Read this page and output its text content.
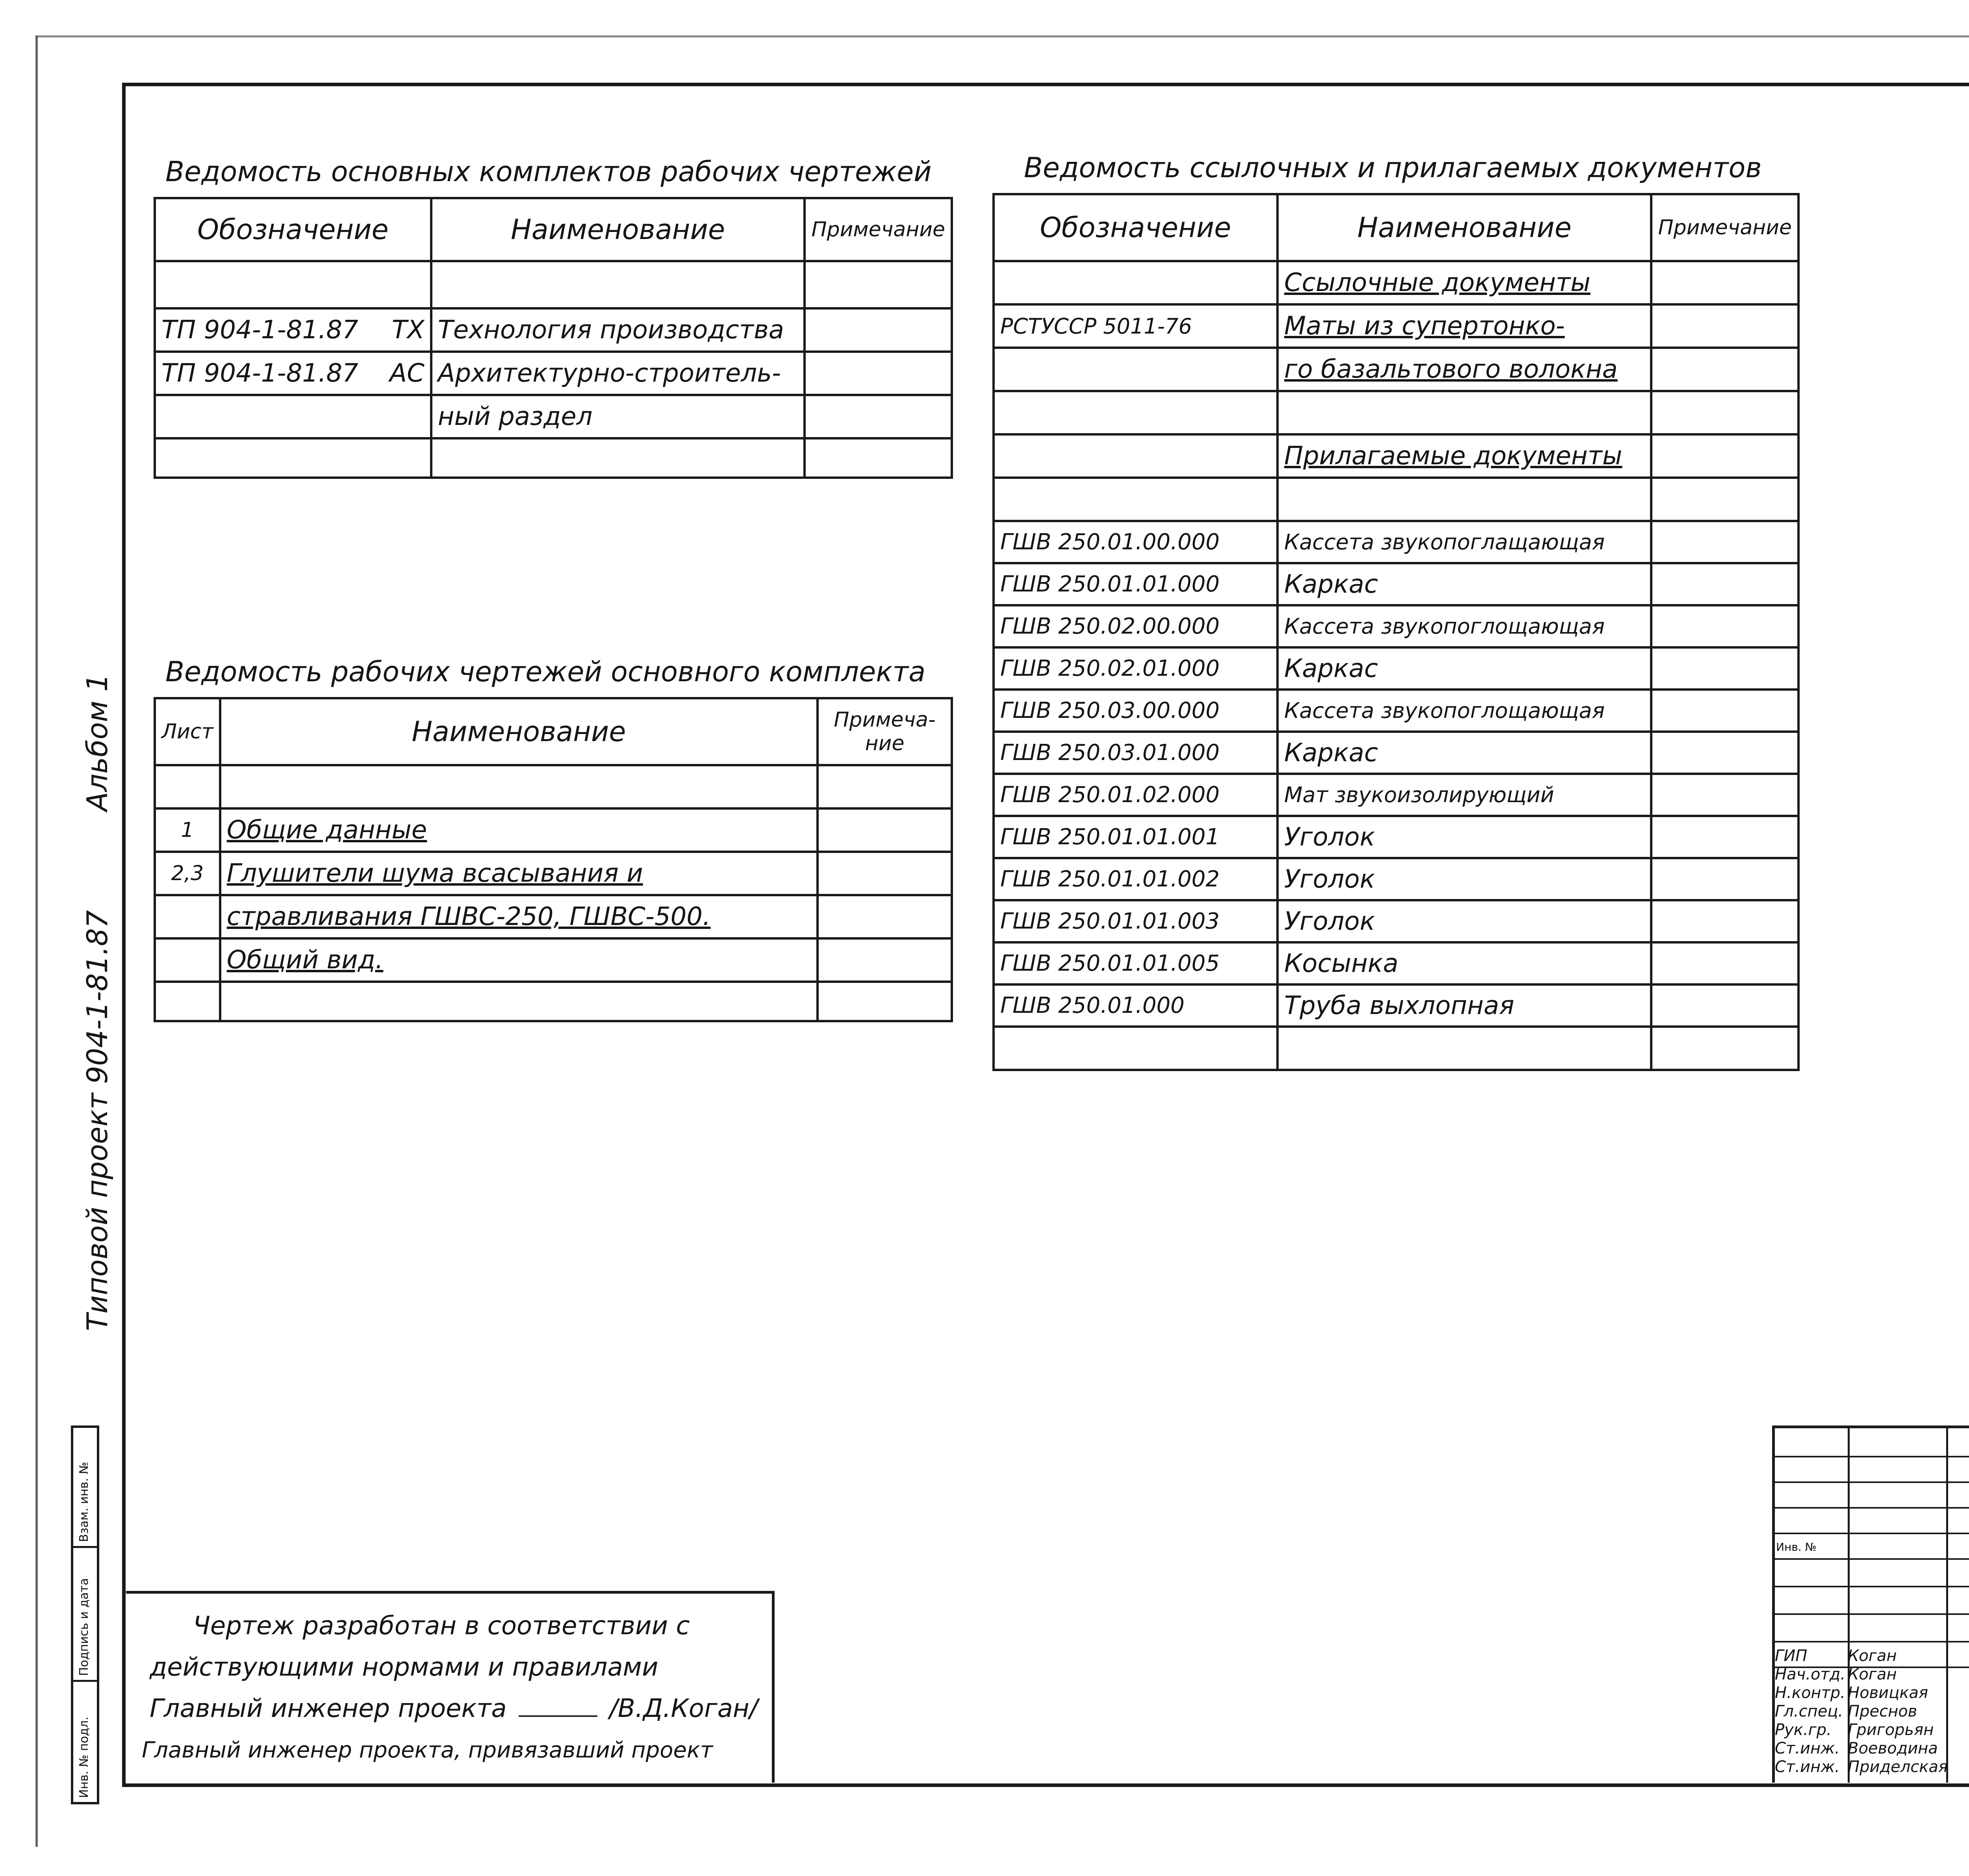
Альбом 1
Типовой проект 904-1-81.87
Взам. инв. №
Подпись и дата
Инв. № подл.
Ведомость основных комплектов рабочих чертежей
Обозначение	Наименование	Примечание

ТП 904-1-81.87 ТХ	Технология производства	
ТП 904-1-81.87 АС	Архитектурно-строитель-	
	ный раздел	

Ведомость рабочих чертежей основного комплекта
Лист	Наименование	Примеча-ние

1	Общие данные	
2,3	Глушители шума всасывания и	
	стравливания ГШВС-250, ГШВС-500.	
	Общий вид.	

Ведомость ссылочных и прилагаемых документов
Обозначение	Наименование	Примечание
	Ссылочные документы	
РСТУССР 5011-76	Маты из супертонко-	
	го базальтового волокна	

	Прилагаемые документы	

ГШВ 250.01.00.000	Кассета звукопоглащающая	
ГШВ 250.01.01.000	Каркас	
ГШВ 250.02.00.000	Кассета звукопоглощающая	
ГШВ 250.02.01.000	Каркас	
ГШВ 250.03.00.000	Кассета звукопоглощающая	
ГШВ 250.03.01.000	Каркас	
ГШВ 250.01.02.000	Мат звукоизолирующий	
ГШВ 250.01.01.001	Уголок	
ГШВ 250.01.01.002	Уголок	
ГШВ 250.01.01.003	Уголок	
ГШВ 250.01.01.005	Косынка	
ГШВ 250.01.000	Труба выхлопная	

Чертеж разработан в соответствии с
действующими нормами и правилами
Главный инженер проекта	/В.Д.Коган/
Главный инженер проекта, привязавший проект
Инв. №
ГИП	Коган
Нач.отд. Коган
Н.контр. Новицкая
Гл.спец. Преснов
Рук.гр. Григорьян
Ст.инж. Воеводина
Ст.инж. Приделская
